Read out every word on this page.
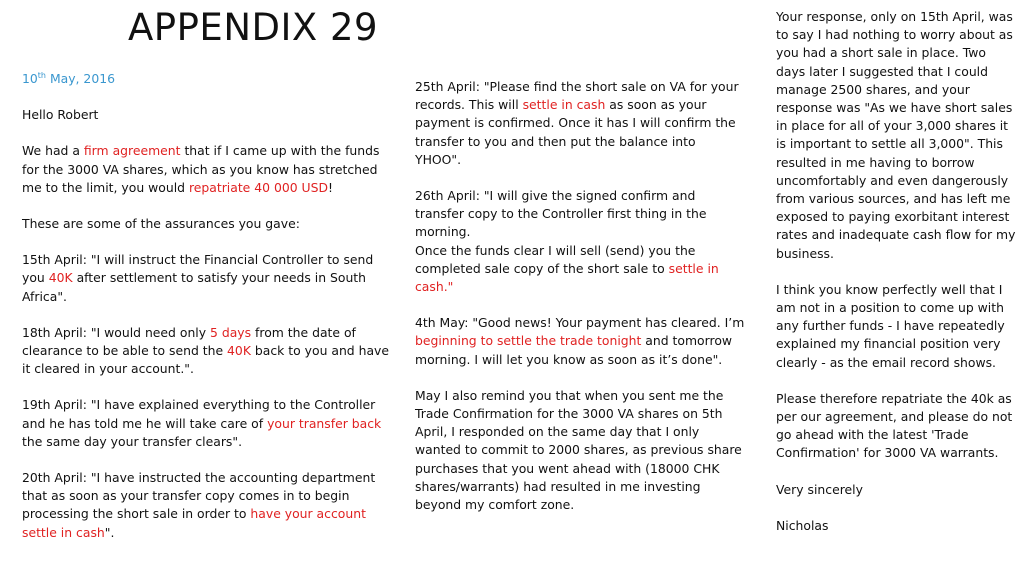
APPENDIX 29

10th May, 2016

Hello Robert

We had a firm agreement that if I came up with the funds for the 3000 VA shares, which as you know has stretched me to the limit, you would repatriate 40 000 USD!

These are some of the assurances you gave:

15th April: "I will instruct the Financial Controller to send you 40K after settlement to satisfy your needs in South Africa".

18th April: "I would need only 5 days from the date of clearance to be able to send the 40K back to you and have it cleared in your account.".

19th April: "I have explained everything to the Controller and he has told me he will take care of your transfer back the same day your transfer clears".

20th April: "I have instructed the accounting department that as soon as your transfer copy comes in to begin processing the short sale in order to have your account settle in cash".

25th April: "Please find the short sale on VA for your records. This will settle in cash as soon as your payment is confirmed. Once it has I will confirm the transfer to you and then put the balance into YHOO".

26th April: "I will give the signed confirm and transfer copy to the Controller first thing in the morning.
Once the funds clear I will sell (send) you the completed sale copy of the short sale to settle in cash."

4th May: "Good news! Your payment has cleared. I’m beginning to settle the trade tonight and tomorrow morning. I will let you know as soon as it’s done".

May I also remind you that when you sent me the Trade Confirmation for the 3000 VA shares on 5th April, I responded on the same day that I only wanted to commit to 2000 shares, as previous share purchases that you went ahead with (18000 CHK shares/warrants) had resulted in me investing beyond my comfort zone.

Your response, only on 15th April, was to say I had nothing to worry about as you had a short sale in place. Two days later I suggested that I could manage 2500 shares, and your response was "As we have short sales in place for all of your 3,000 shares it is important to settle all 3,000". This resulted in me having to borrow uncomfortably and even dangerously from various sources, and has left me exposed to paying exorbitant interest rates and inadequate cash flow for my business.

I think you know perfectly well that I am not in a position to come up with any further funds - I have repeatedly explained my financial position very clearly - as the email record shows.

Please therefore repatriate the 40k as per our agreement, and please do not go ahead with the latest 'Trade Confirmation' for 3000 VA warrants.

Very sincerely

Nicholas
